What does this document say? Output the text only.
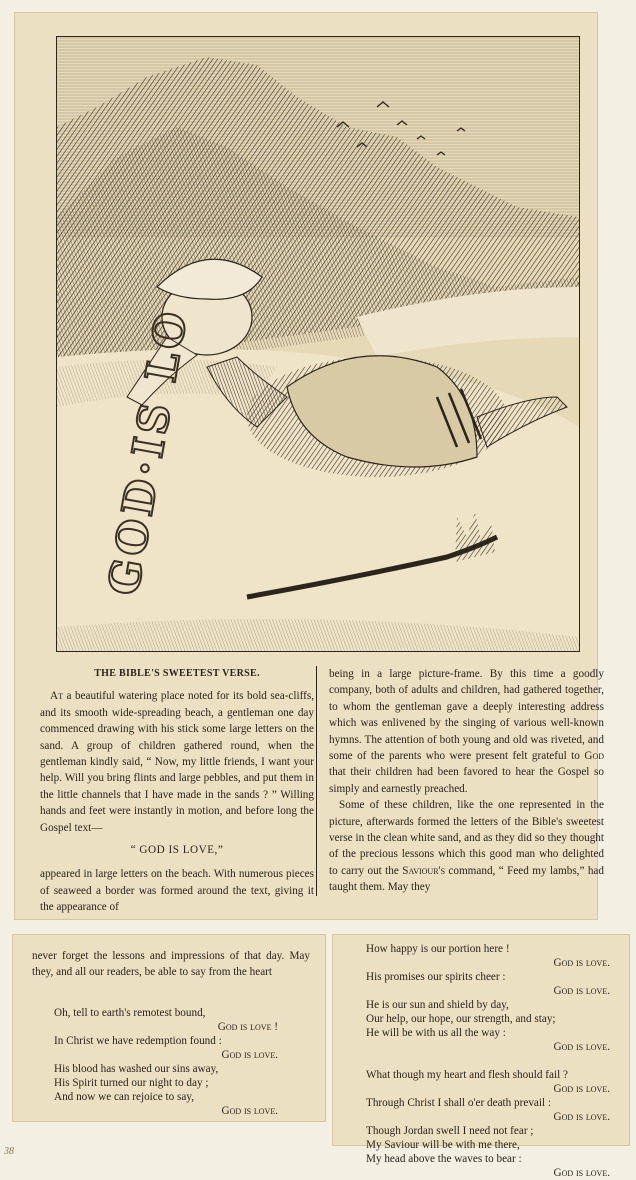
GOD·IS LO

THE BIBLE'S SWEETEST VERSE.

At a beautiful watering place noted for its bold sea-cliffs, and its smooth wide-spreading beach, a gentleman one day commenced drawing with his stick some large letters on the sand. A group of children gathered round, when the gentleman kindly said, “ Now, my little friends, I want your help. Will you bring flints and large pebbles, and put them in the little channels that I have made in the sands ? ” Willing hands and feet were instantly in motion, and before long the Gospel text—

“ GOD IS LOVE,”

appeared in large letters on the beach. With numerous pieces of seaweed a border was formed around the text, giving it the appearance of

being in a large picture-frame. By this time a goodly company, both of adults and children, had gathered together, to whom the gentleman gave a deeply interesting address which was enlivened by the singing of various well-known hymns. The attention of both young and old was riveted, and some of the parents who were present felt grateful to God that their children had been favored to hear the Gospel so simply and earnestly preached.

Some of these children, like the one represented in the picture, afterwards formed the letters of the Bible's sweetest verse in the clean white sand, and as they did so they thought of the precious lessons which this good man who delighted to carry out the Saviour's command, “ Feed my lambs,” had taught them. May they

never forget the lessons and impressions of that day. May they, and all our readers, be able to say from the heart
Oh, tell to earth's remotest bound,
God is love !
In Christ we have redemption found :
God is love.
His blood has washed our sins away,
His Spirit turned our night to day ;
And now we can rejoice to say,
God is love.
How happy is our portion here !
God is love.
His promises our spirits cheer :
God is love.
He is our sun and shield by day,
Our help, our hope, our strength, and stay;
He will be with us all the way :
God is love.
What though my heart and flesh should fail ?
God is love.
Through Christ I shall o'er death prevail :
God is love.
Though Jordan swell I need not fear ;
My Saviour will be with me there,
My head above the waves to bear :
God is love.
38
